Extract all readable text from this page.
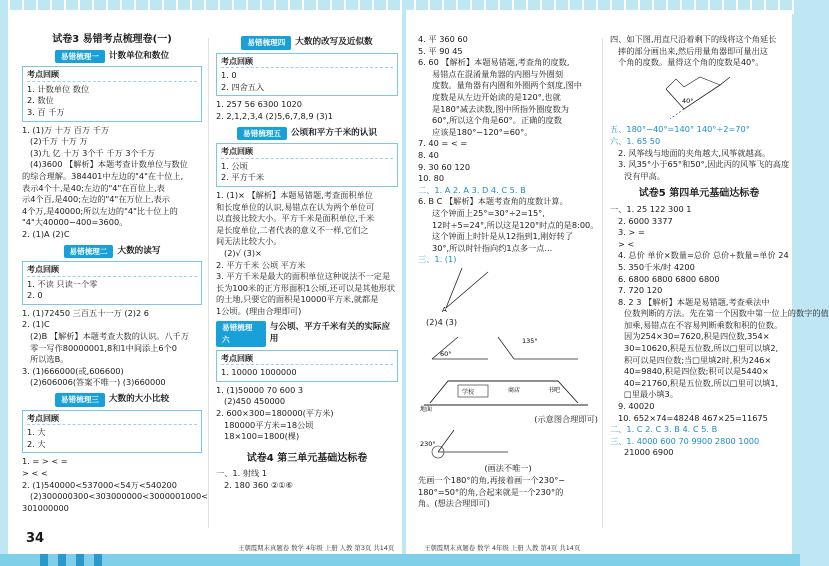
试卷3 易错考点梳理卷(一)
易错梳理一	计数单位和数位
考点回顾
1. 计数单位 数位
2. 数位
3. 百 千万
1. (1)万 十万 百万 千万
(2)千万 十万 万
(3)九 亿 十万 3个千 千万 3个千万
(4)3600 【解析】本题考查计数单位与数位
的综合理解。384401中左边的"4"在十位上,
表示4个十,是40;左边的"4"在百位上,表
示4个百,是400;左边的"4"在万位上,表示
4个万,是40000;所以左边的"4"比十位上的
"4"大40000−400=3600。
2. (1)A (2)C
易错梳理二	大数的读写
考点回顾
1. 不读 只读一个零
2. 0
1. (1)72450 三百五十一万 (2)2 6
2. (1)C
(2)B 【解析】本题考查大数的认识。八千万
零一写作80000001,8和1中间添上6个0
所以选B。
3. (1)666000(或,606600)
(2)606006(答案不唯一) (3)660000
易错梳理三	大数的大小比较
考点回顾
1. 大
2. 大
1. = > < =
> < <
2. (1)540000<537000<54万<540200
(2)300000300<303000000<3000001000<
301000000
易错梳理四	大数的改写及近似数
考点回顾
1. 0
2. 四舍五入
1. 257 56 6300 1020
2. 2,1,2,3,4 (2)5,6,7,8,9 (3)1
易错梳理五	公顷和平方千米的认识
考点回顾
1. 公顷
2. 平方千米
1. (1)× 【解析】本题易错题,考查面积单位
和长度单位的认识,易错点在认为两个单位可
以直接比较大小。平方千米是面积单位,千米
是长度单位,二者代表的意义不一样,它们之
间无法比较大小。
(2)√ (3)×
2. 平方千米 公顷 平方米
3. 平方千米是最大的面积单位这种说法不一定是
长为100米的正方形面积1公顷,还可以是其他形状
的土地,只要它的面积是10000平方米,就都是
1公顷。(理由合理即可)
易错梳理六
与公顷、平方千米有关的实际应用
考点回顾
1. 10000 1000000
1. (1)50000 70 600 3
(2)450 450000
2. 600×300=180000(平方米)
180000平方米=18公顷
18×100=1800(棵)
试卷4 第三单元基础达标卷
一、1. 射线 1
2. 180 360 ②①⑥
34
王朝霞期末真题卷 数学 4年级 上册 人教 第3页 共14页
4. 平 360 60
5. 平 90 45
6. 60 【解析】本题易错题,考查角的度数,
易错点在混淆量角器的内圈与外圈刻
度数。量角器有内圈和外圈两个刻度,图中
度数是从左边开始读的是120°,也就
是180°减去读数,图中所指外圈度数为
60°,所以这个角是60°。正确的度数
应该是180°−120°=60°。
7. 40 = < =
8. 40
9. 30 60 120
10. 80
二、1. A 2. A 3. D 4. C 5. B
6. B C 【解析】本题考查角的度数计算。
这个钟面上25°=30°÷2=15°,
12时÷5=24°,所以这是120°时点的是8:00。
这个钟面上时针是从12指到1,刚好转了
30°,所以时针指向约1点多一点...
三、1. (1)
A
(2)4 (3)
60°
135°

学校	商店	书吧
地面
(示意图合理即可)
230°
(画法不唯一)
先画一个180°的角,再接着画一个230°−
180°=50°的角,合起来就是一个230°的
角。(想法合理即可)
四、如下图,用直尺沿着剩下的线将这个角延长
摔的部分画出来,然后用量角器即可量出这
个角的度数。量得这个角的度数是40°。
40°
五、180°−40°=140° 140°÷2=70°
六、1. 65 50
2. 风筝线与地面的夹角越大,风筝就越高。
3. 风35°小于65°和50°,因此丙的风筝飞的高度
没有甲高。
试卷5 第四单元基础达标卷
一、1. 25 122 300 1
2. 6000 3377
3. > =
> <
4. 总价 单价×数量=总价 总价÷数量=单价 24
5. 350千米/时 4200
6. 6800 6800 6800 6800
7. 720 120
8. 2 3 【解析】本题是易错题,考查乘法中
位数判断的方法。先在第一个因数中第一位上的数字的值
加乘,易错点在不容易判断乘数和积的位数。
因为254×30=7620,积是四位数,354×
30=10620,积是五位数,所以□里可以填2,
积可以是四位数;当□里填2时,积为246×
40=9840,积是四位数;积可以是5440×
40=21760,积是五位数,所以□里可以填1,
□里最小填3。
9. 40020
10. 652×74=48248 467×25=11675
二、1. C 2. C 3. B 4. C 5. B
三、1. 4000 600 70 9900 2800 1000
21000 6900
王朝霞期末真题卷 数学 4年级 上册 人教 第4页 共14页
